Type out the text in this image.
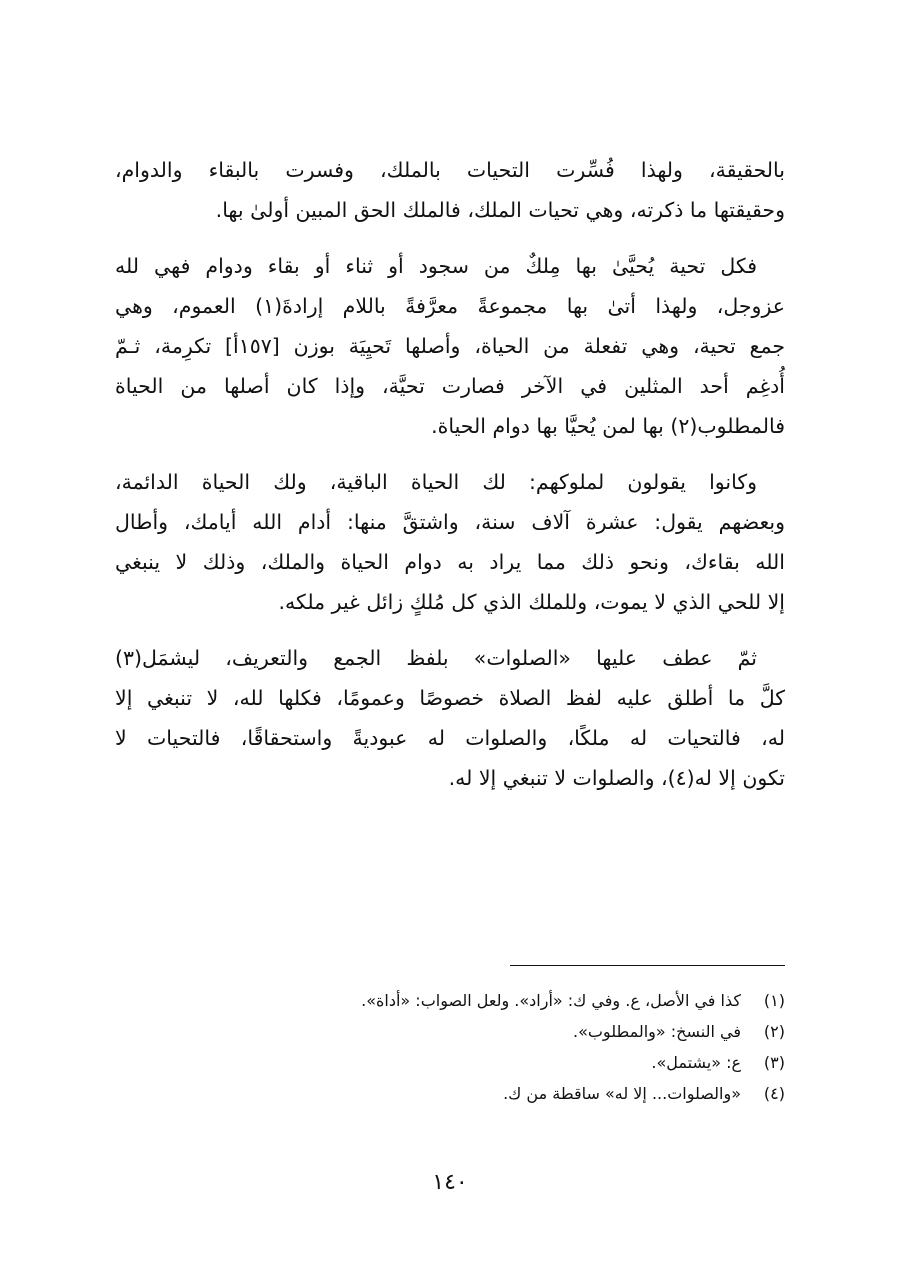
بالحقيقة، ولهذا فُسِّرت التحيات بالملك، وفسرت بالبقاء والدوام،
وحقيقتها ما ذكرته، وهي تحيات الملك، فالملك الحق المبين أولىٰ بها.

فكل تحية يُحيَّىٰ بها مِلكٌ من سجود أو ثناء أو بقاء ودوام فهي لله
عزوجل، ولهذا أتىٰ بها مجموعةً معرَّفةً باللام إرادةَ(١) العموم، وهي
جمع تحية، وهي تفعلة من الحياة، وأصلها تَحيِيَة بوزن [١٥٧أ] تكرِمة، ثـمّ
أُدغِم أحد المثلين في الآخر فصارت تحيَّة، وإذا كان أصلها من الحياة
فالمطلوب(٢) بها لمن يُحيَّا بها دوام الحياة.

وكانوا يقولون لملوكهم: لك الحياة الباقية، ولك الحياة الدائمة،
وبعضهم يقول: عشرة آلاف سنة، واشتقَّ منها: أدام الله أيامك، وأطال
الله بقاءك، ونحو ذلك مما يراد به دوام الحياة والملك، وذلك لا ينبغي
إلا للحي الذي لا يموت، وللملك الذي كل مُلكٍ زائل غير ملكه.

ثمّ عطف عليها «الصلوات» بلفظ الجمع والتعريف، ليشمَل(٣)
كلَّ ما أطلق عليه لفظ الصلاة خصوصًا وعمومًا، فكلها لله، لا تنبغي إلا
له، فالتحيات له ملكًا، والصلوات له عبوديةً واستحقاقًا، فالتحيات لا
تكون إلا له(٤)، والصلوات لا تنبغي إلا له.

(١)
كذا في الأصل، ع. وفي ك: «أراد». ولعل الصواب: «أداة».
(٢)
في النسخ: «والمطلوب».
(٣)
ع: «يشتمل».
(٤)
«والصلوات... إلا له» ساقطة من ك.
١٤٠
